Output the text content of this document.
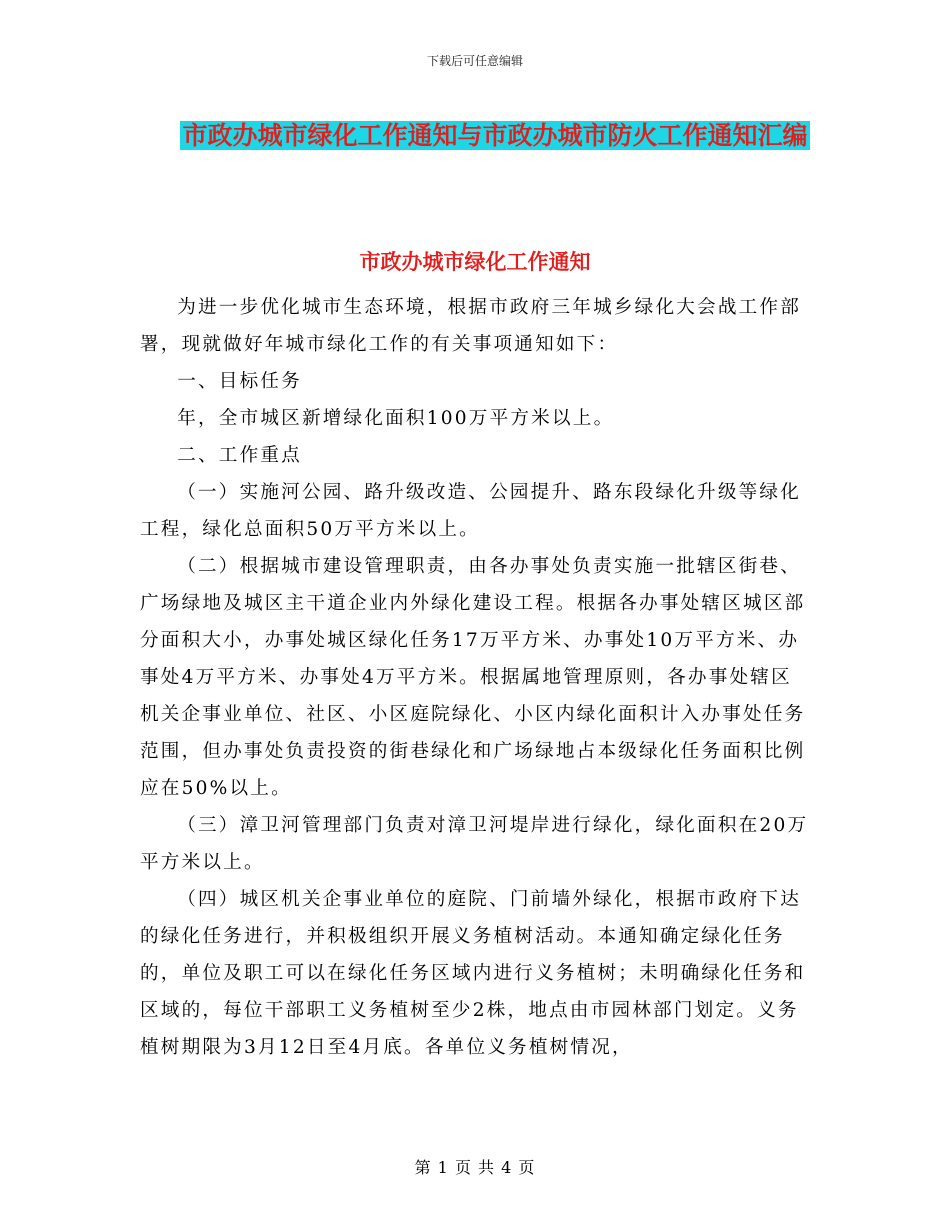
下载后可任意编辑
市政办城市绿化工作通知与市政办城市防火工作通知汇编
市政办城市绿化工作通知

为进一步优化城市生态环境，根据市政府三年城乡绿化大会战工作部署，现就做好年城市绿化工作的有关事项通知如下：

一、目标任务

年，全市城区新增绿化面积100万平方米以上。

二、工作重点

（一）实施河公园、路升级改造、公园提升、路东段绿化升级等绿化工程，绿化总面积50万平方米以上。

（二）根据城市建设管理职责，由各办事处负责实施一批辖区街巷、广场绿地及城区主干道企业内外绿化建设工程。根据各办事处辖区城区部分面积大小，办事处城区绿化任务17万平方米、办事处10万平方米、办事处4万平方米、办事处4万平方米。根据属地管理原则，各办事处辖区机关企事业单位、社区、小区庭院绿化、小区内绿化面积计入办事处任务范围，但办事处负责投资的街巷绿化和广场绿地占本级绿化任务面积比例应在50%以上。

（三）漳卫河管理部门负责对漳卫河堤岸进行绿化，绿化面积在20万平方米以上。

（四）城区机关企事业单位的庭院、门前墙外绿化，根据市政府下达的绿化任务进行，并积极组织开展义务植树活动。本通知确定绿化任务的，单位及职工可以在绿化任务区域内进行义务植树；未明确绿化任务和区域的，每位干部职工义务植树至少2株，地点由市园林部门划定。义务植树期限为3月12日至4月底。各单位义务植树情况，

第 1 页 共 4 页
